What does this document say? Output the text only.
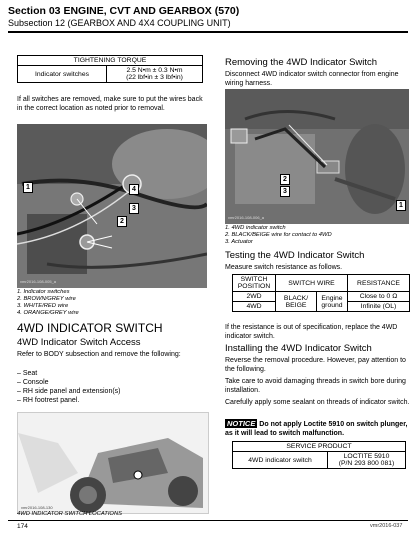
Section 03 ENGINE, CVT AND GEARBOX (570)
Subsection 12 (GEARBOX AND 4X4 COUPLING UNIT)
TIGHTENING TORQUE
Indicator switches	2.5 N•m ± 0.3 N•m
(22 lbf•in ± 3 lbf•in)
If all switches are removed, make sure to put the wires back in the correct location as noted prior to removal.
1	4
3
2
vmr2016-108-005_a
1. Indicator switches
2. BROWN/GREY wire
3. WHITE/RED wire
4. ORANGE/GREY wire
4WD INDICATOR SWITCH
4WD Indicator Switch Access
Refer to BODY subsection and remove the following:
– Seat
– Console
– RH side panel and extension(s)
– RH footrest panel.
vmr2016-108-130
4WD INDICATOR SWITCH LOCATIONS
Removing the 4WD Indicator Switch
Disconnect 4WD indicator switch connector from engine wiring harness.
2
3
1
vmr2016-108-006_a
1. 4WD indicator switch
2. BLACK/BEIGE wire for contact to 4WD
3. Actuator
Testing the 4WD Indicator Switch
Measure switch resistance as follows.
SWITCH POSITION	SWITCH WIRE		RESISTANCE
2WD	BLACK/ BEIGE	Engine ground	Close to 0 Ω
4WD			Infinite (OL)
If the resistance is out of specification, replace the 4WD indicator switch.
Installing the 4WD Indicator Switch
Reverse the removal procedure. However, pay attention to the following.
Take care to avoid damaging threads in switch bore during installation.
Carefully apply some sealant on threads of indicator switch.
NOTICE Do not apply Loctite 5910 on switch plunger, as it will lead to switch malfunction.
SERVICE PRODUCT
4WD indicator switch	LOCTITE 5910
(P/N 293 800 081)
174	vmr2016-037
